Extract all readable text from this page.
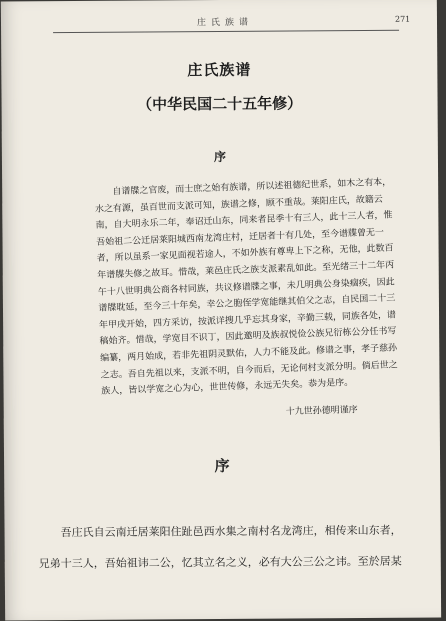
庄氏族谱	271
庄氏族谱
（中华民国二十五年修）
序
自谱牒之官废，而士庶之始有族谱，所以述祖德纪世系，如木之有本，
水之有源，虽百世而支派可知，族谱之修，顾不重哉。莱阳庄氏，故籍云
南，自大明永乐二年，奉诏迁山东，同来者昆季十有三人，此十三人者，惟
吾始祖二公迁居莱阳城西南龙湾庄村，迁居者十有几处，至今谱牒曾无一
者，所以虽系一家见面视若途人，不如外族有尊卑上下之称，无他，此数百
年谱牒失修之故耳。惜哉，莱邑庄氏之族支派素乱如此。至光绪三十二年丙
午十八世明典公商各村同族，共议修谱牒之事，未几明典公身染痼疾，因此
谱牒耽延，至今三十年矣，幸公之胞侄学宽能继其伯父之志，自民国二十三
年甲戌开始，四方采访，按派详搜几乎忘其身家，辛勤三载，同族各处，谱
稿始齐。惜哉，学宽目不识丁，因此邀明及族叔悦俭公族兄衍栋公分任书写
编纂，两月始成，若非先祖阴灵默佑，人力不能及此。修谱之事，孝子慈孙
之志。吾自先祖以来，支派不明，自今而后，无论何村支派分明。倘后世之
族人，皆以学宽之心为心，世世传修，永远无失矣。恭为是序。
十九世孙德明谨序
序
吾庄氏自云南迁居莱阳住趾邑西水集之南村名龙湾庄，相传来山东者，
兄弟十三人，吾始祖讳二公，忆其立名之义，必有大公三公之讳。至於居某
